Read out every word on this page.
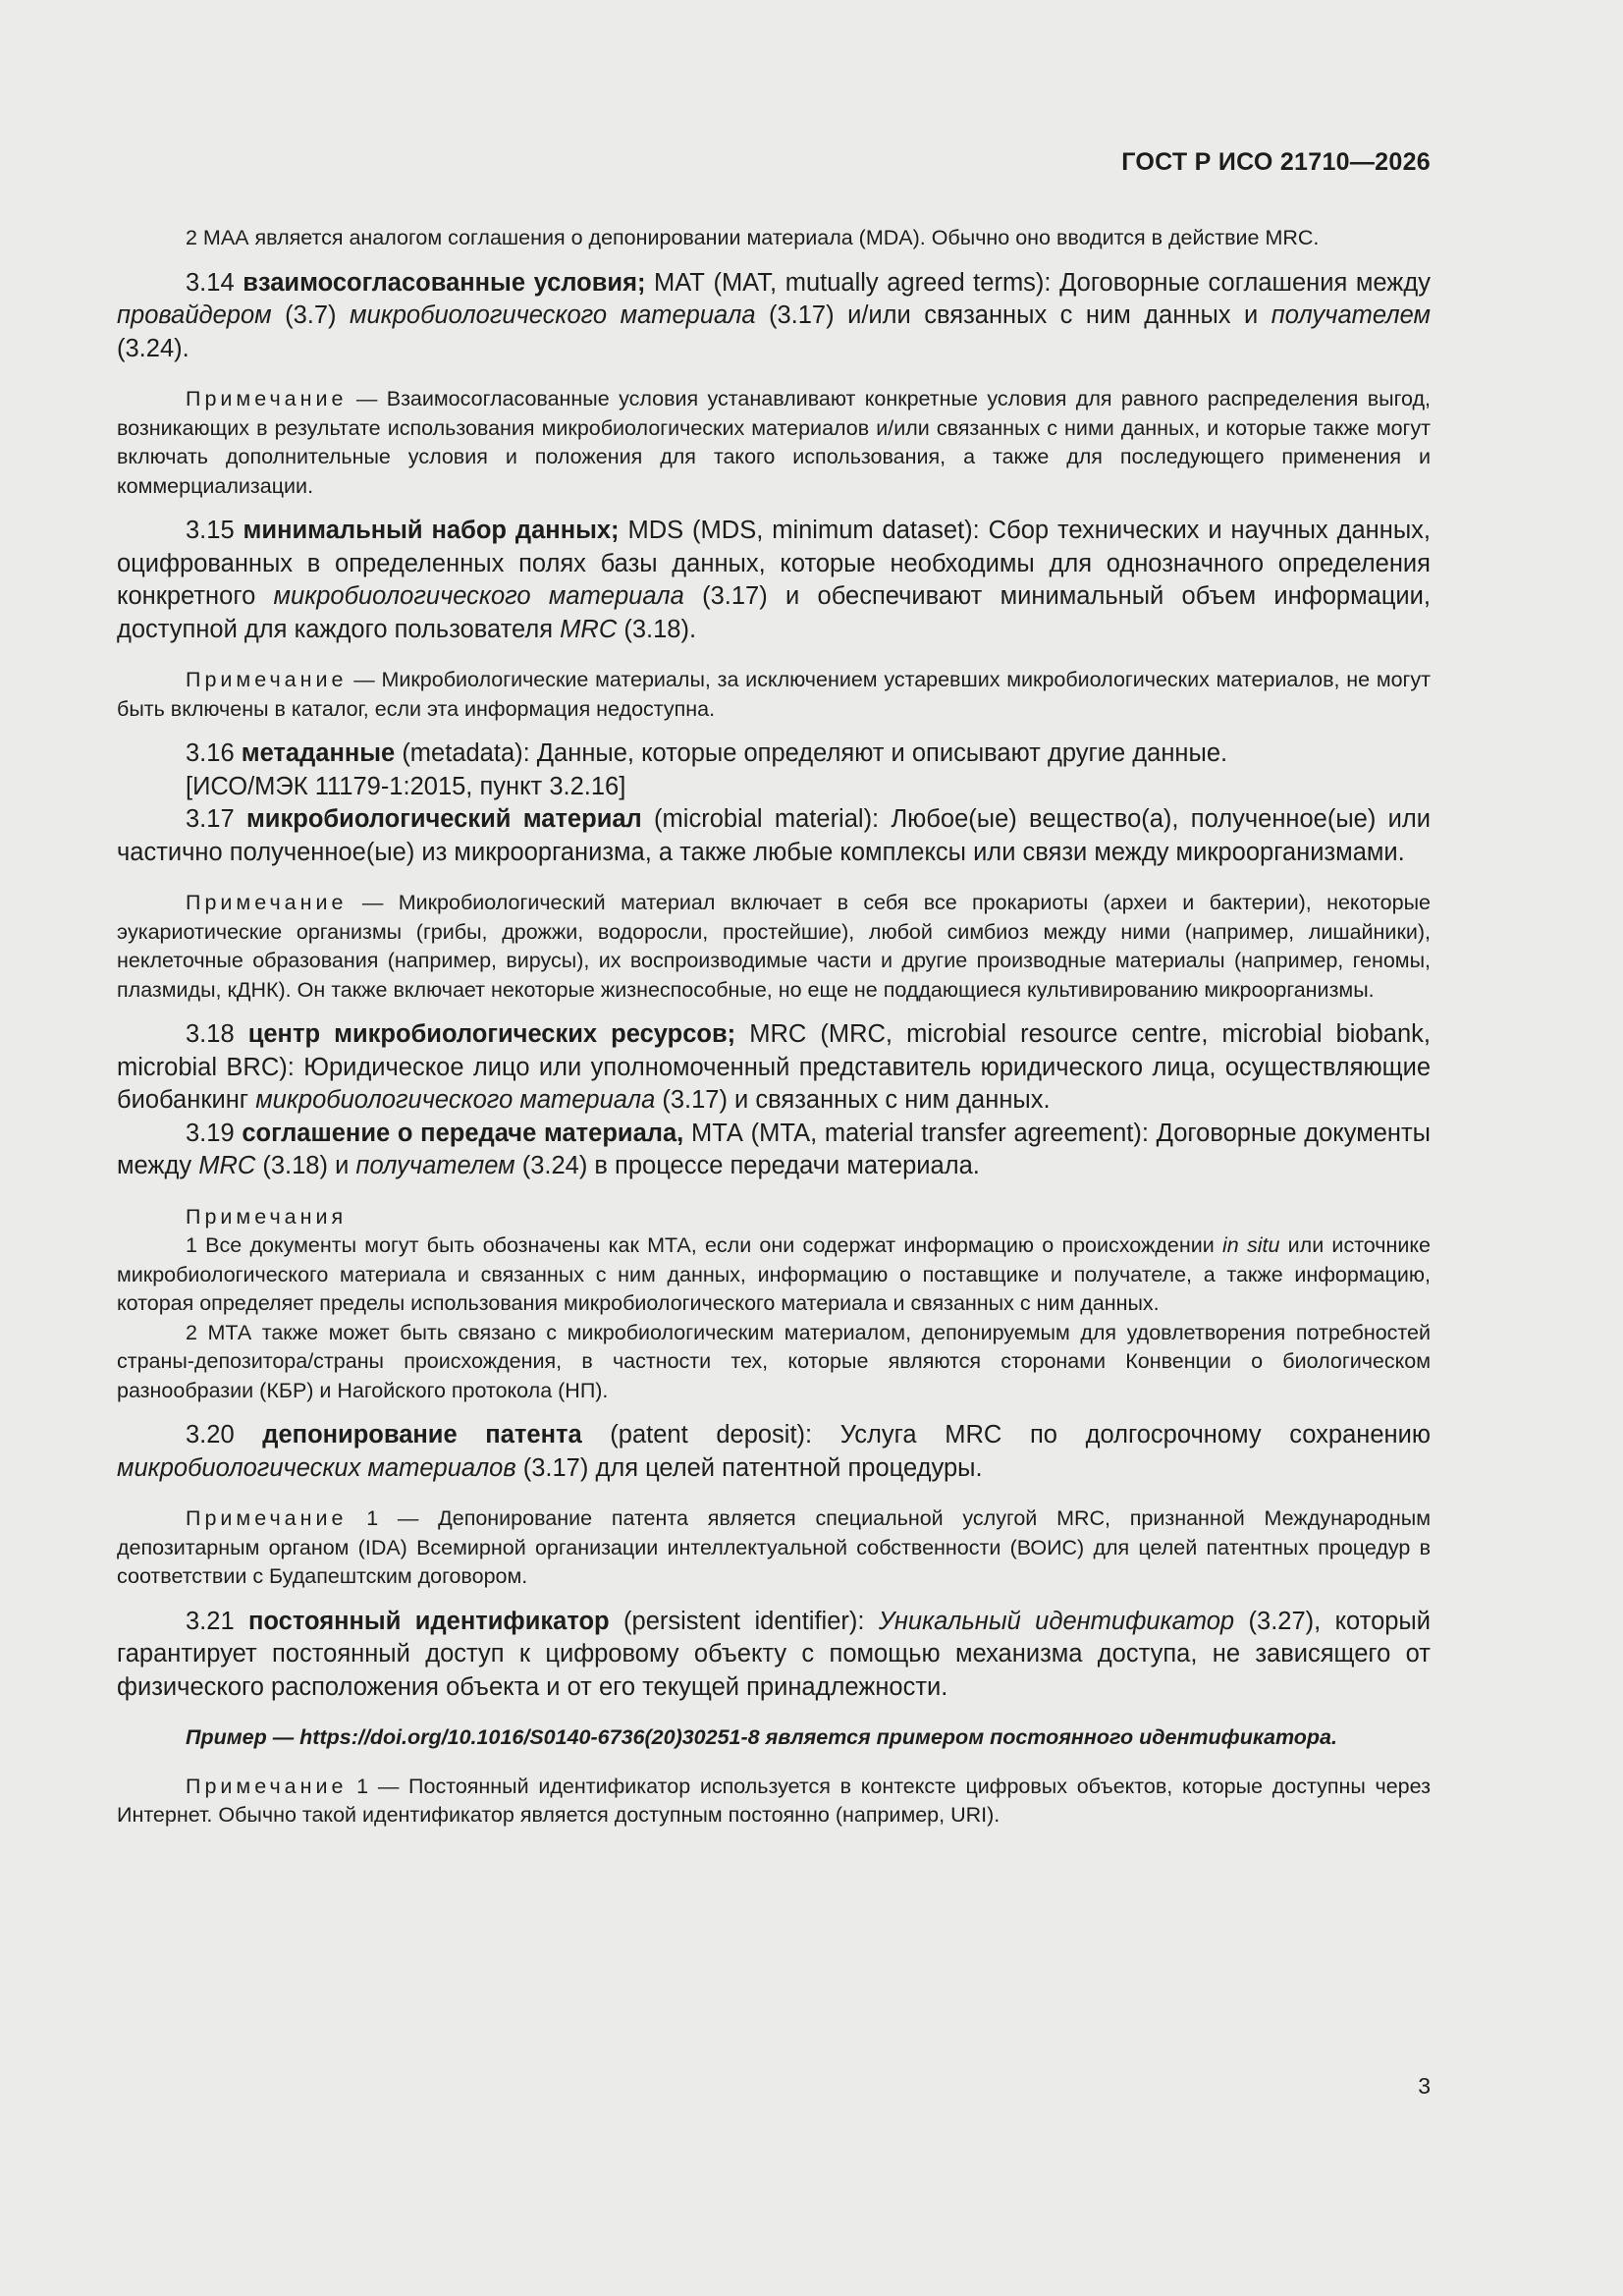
ГОСТ Р ИСО 21710—2026

2 МАА является аналогом соглашения о депонировании материала (MDA). Обычно оно вводится в действие MRC.

3.14 взаимосогласованные условия; МАТ (MAT, mutually agreed terms): Договорные соглашения между провайдером (3.7) микробиологического материала (3.17) и/или связанных с ним данных и получателем (3.24).

Примечание — Взаимосогласованные условия устанавливают конкретные условия для равного распределения выгод, возникающих в результате использования микробиологических материалов и/или связанных с ними данных, и которые также могут включать дополнительные условия и положения для такого использования, а также для последующего применения и коммерциализации.

3.15 минимальный набор данных; MDS (MDS, minimum dataset): Сбор технических и научных данных, оцифрованных в определенных полях базы данных, которые необходимы для однозначного определения конкретного микробиологического материала (3.17) и обеспечивают минимальный объем информации, доступной для каждого пользователя MRC (3.18).

Примечание — Микробиологические материалы, за исключением устаревших микробиологических материалов, не могут быть включены в каталог, если эта информация недоступна.

3.16 метаданные (metadata): Данные, которые определяют и описывают другие данные.

[ИСО/МЭК 11179-1:2015, пункт 3.2.16]

3.17 микробиологический материал (microbial material): Любое(ые) вещество(а), полученное(ые) или частично полученное(ые) из микроорганизма, а также любые комплексы или связи между микроорганизмами.

Примечание — Микробиологический материал включает в себя все прокариоты (археи и бактерии), некоторые эукариотические организмы (грибы, дрожжи, водоросли, простейшие), любой симбиоз между ними (например, лишайники), неклеточные образования (например, вирусы), их воспроизводимые части и другие производные материалы (например, геномы, плазмиды, кДНК). Он также включает некоторые жизнеспособные, но еще не поддающиеся культивированию микроорганизмы.

3.18 центр микробиологических ресурсов; MRC (MRC, microbial resource centre, microbial biobank, microbial BRC): Юридическое лицо или уполномоченный представитель юридического лица, осуществляющие биобанкинг микробиологического материала (3.17) и связанных с ним данных.

3.19 соглашение о передаче материала, МТА (MTA, material transfer agreement): Договорные документы между MRC (3.18) и получателем (3.24) в процессе передачи материала.

Примечания

1 Все документы могут быть обозначены как МТА, если они содержат информацию о происхождении in situ или источнике микробиологического материала и связанных с ним данных, информацию о поставщике и получателе, а также информацию, которая определяет пределы использования микробиологического материала и связанных с ним данных.

2 МТА также может быть связано с микробиологическим материалом, депонируемым для удовлетворения потребностей страны-депозитора/страны происхождения, в частности тех, которые являются сторонами Конвенции о биологическом разнообразии (КБР) и Нагойского протокола (НП).

3.20 депонирование патента (patent deposit): Услуга MRC по долгосрочному сохранению микробиологических материалов (3.17) для целей патентной процедуры.

Примечание 1 — Депонирование патента является специальной услугой MRC, признанной Международным депозитарным органом (IDA) Всемирной организации интеллектуальной собственности (ВОИС) для целей патентных процедур в соответствии с Будапештским договором.

3.21 постоянный идентификатор (persistent identifier): Уникальный идентификатор (3.27), который гарантирует постоянный доступ к цифровому объекту с помощью механизма доступа, не зависящего от физического расположения объекта и от его текущей принадлежности.

Пример — https://doi.org/10.1016/S0140-6736(20)30251-8 является примером постоянного идентификатора.

Примечание 1 — Постоянный идентификатор используется в контексте цифровых объектов, которые доступны через Интернет. Обычно такой идентификатор является доступным постоянно (например, URI).

3
